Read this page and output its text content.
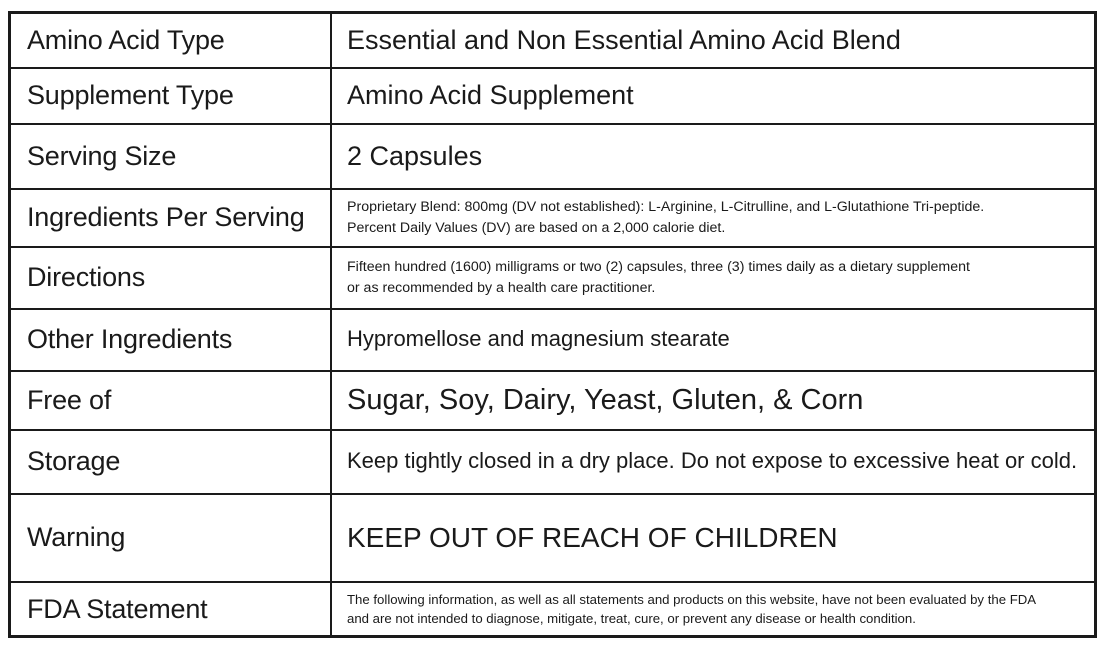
Amino Acid Type	Essential and Non Essential Amino Acid Blend
Supplement Type	Amino Acid Supplement
Serving Size	2 Capsules
Ingredients Per Serving	Proprietary Blend: 800mg (DV not established): L-Arginine, L-Citrulline, and L-Glutathione Tri-peptide.
Percent Daily Values (DV) are based on a 2,000 calorie diet.

Directions	Fifteen hundred (1600) milligrams or two (2) capsules, three (3) times daily as a dietary supplement
or as recommended by a health care practitioner.

Other Ingredients	Hypromellose and magnesium stearate
Free of	Sugar, Soy, Dairy, Yeast, Gluten, & Corn
Storage	Keep tightly closed in a dry place. Do not expose to excessive heat or cold.
Warning	KEEP OUT OF REACH OF CHILDREN
FDA Statement	The following information, as well as all statements and products on this website, have not been evaluated by the FDA
and are not intended to diagnose, mitigate, treat, cure, or prevent any disease or health condition.
